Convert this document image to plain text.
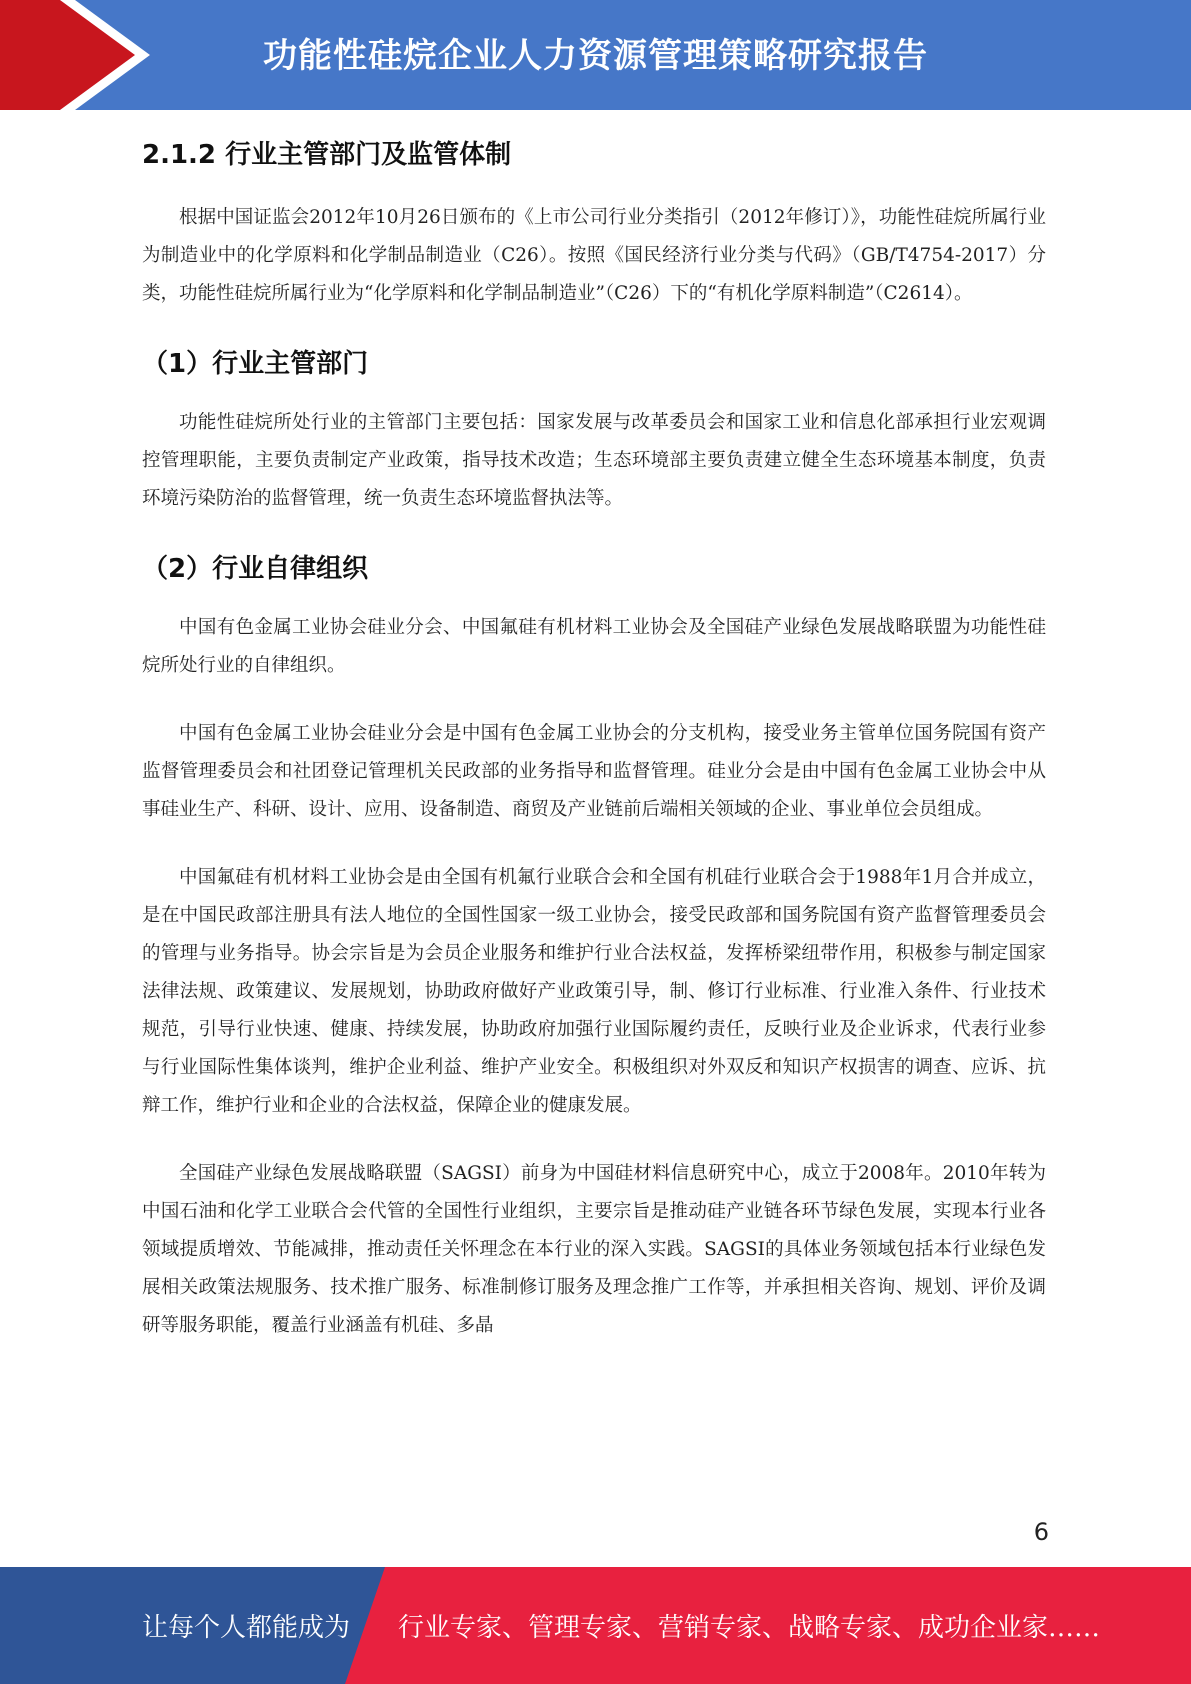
功能性硅烷企业人力资源管理策略研究报告
2.1.2 行业主管部门及监管体制

根据中国证监会2012年10月26日颁布的《上市公司行业分类指引（2012年修订）》，功能性硅烷所属行业为制造业中的化学原料和化学制品制造业（C26）。按照《国民经济行业分类与代码》（GB/T4754-2017）分类，功能性硅烷所属行业为“化学原料和化学制品制造业”（C26）下的“有机化学原料制造”（C2614）。

（1）行业主管部门

功能性硅烷所处行业的主管部门主要包括：国家发展与改革委员会和国家工业和信息化部承担行业宏观调控管理职能，主要负责制定产业政策，指导技术改造；生态环境部主要负责建立健全生态环境基本制度，负责环境污染防治的监督管理，统一负责生态环境监督执法等。

（2）行业自律组织

中国有色金属工业协会硅业分会、中国氟硅有机材料工业协会及全国硅产业绿色发展战略联盟为功能性硅烷所处行业的自律组织。

中国有色金属工业协会硅业分会是中国有色金属工业协会的分支机构，接受业务主管单位国务院国有资产监督管理委员会和社团登记管理机关民政部的业务指导和监督管理。硅业分会是由中国有色金属工业协会中从事硅业生产、科研、设计、应用、设备制造、商贸及产业链前后端相关领域的企业、事业单位会员组成。

中国氟硅有机材料工业协会是由全国有机氟行业联合会和全国有机硅行业联合会于1988年1月合并成立，是在中国民政部注册具有法人地位的全国性国家一级工业协会，接受民政部和国务院国有资产监督管理委员会的管理与业务指导。协会宗旨是为会员企业服务和维护行业合法权益，发挥桥梁纽带作用，积极参与制定国家法律法规、政策建议、发展规划，协助政府做好产业政策引导，制、修订行业标准、行业准入条件、行业技术规范，引导行业快速、健康、持续发展，协助政府加强行业国际履约责任，反映行业及企业诉求，代表行业参与行业国际性集体谈判，维护企业利益、维护产业安全。积极组织对外双反和知识产权损害的调查、应诉、抗辩工作，维护行业和企业的合法权益，保障企业的健康发展。

全国硅产业绿色发展战略联盟（SAGSI）前身为中国硅材料信息研究中心，成立于2008年。2010年转为中国石油和化学工业联合会代管的全国性行业组织，主要宗旨是推动硅产业链各环节绿色发展，实现本行业各领域提质增效、节能减排，推动责任关怀理念在本行业的深入实践。SAGSI的具体业务领域包括本行业绿色发展相关政策法规服务、技术推广服务、标准制修订服务及理念推广工作等，并承担相关咨询、规划、评价及调研等服务职能，覆盖行业涵盖有机硅、多晶

6
让每个人都能成为 行业专家、管理专家、营销专家、战略专家、成功企业家……
